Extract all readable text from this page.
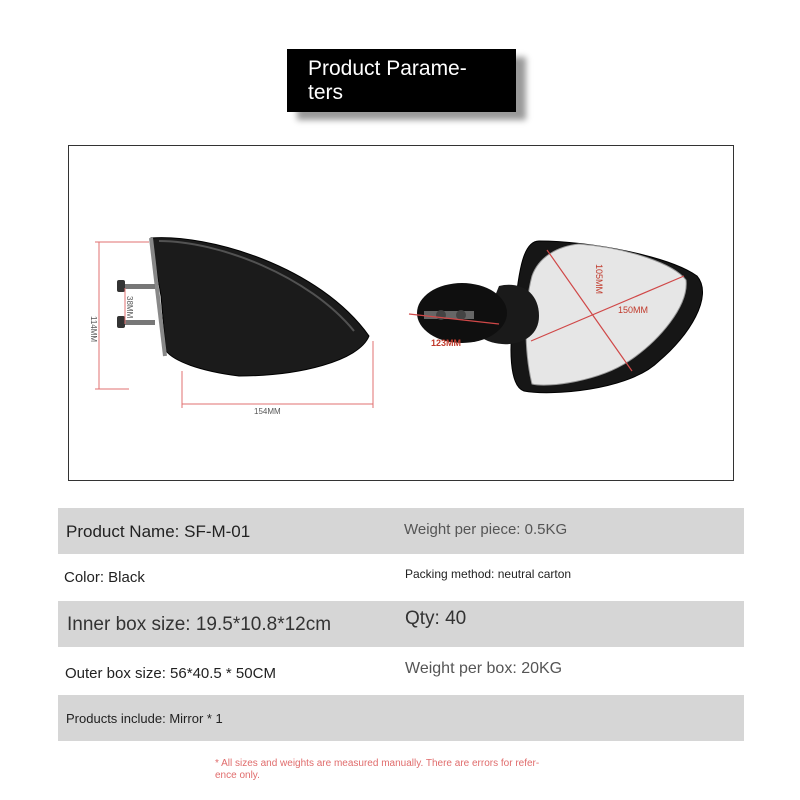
Product Parame-
ters
114MM
38MM
154MM
105MM
150MM
123MM
Product Name: SF-M-01	Weight per piece: 0.5KG
Color: Black	Packing method: neutral carton
Inner box size: 19.5*10.8*12cm	Qty: 40
Outer box size: 56*40.5 * 50CM	Weight per box: 20KG
Products include: Mirror * 1
* All sizes and weights are measured manually. There are errors for refer-
ence only.
